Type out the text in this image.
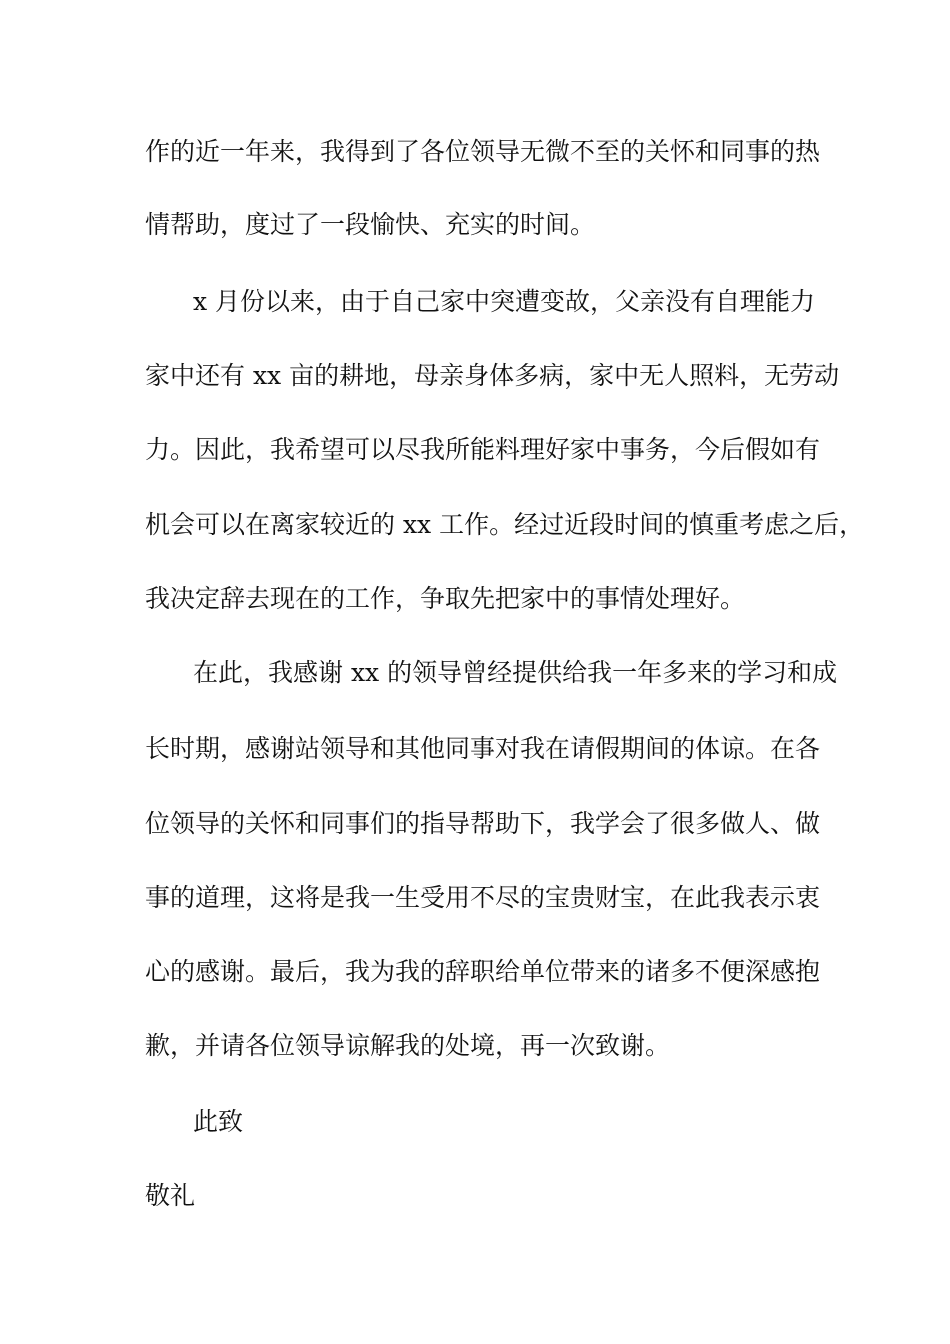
作的近一年来，我得到了各位领导无微不至的关怀和同事的热
情帮助，度过了一段愉快、充实的时间。
x 月份以来，由于自己家中突遭变故，父亲没有自理能力
家中还有 xx 亩的耕地，母亲身体多病，家中无人照料，无劳动
力。因此，我希望可以尽我所能料理好家中事务，今后假如有
机会可以在离家较近的 xx 工作。经过近段时间的慎重考虑之后，
我决定辞去现在的工作，争取先把家中的事情处理好。
在此，我感谢 xx 的领导曾经提供给我一年多来的学习和成
长时期，感谢站领导和其他同事对我在请假期间的体谅。在各
位领导的关怀和同事们的指导帮助下，我学会了很多做人、做
事的道理，这将是我一生受用不尽的宝贵财宝，在此我表示衷
心的感谢。最后，我为我的辞职给单位带来的诸多不便深感抱
歉，并请各位领导谅解我的处境，再一次致谢。
此致
敬礼
